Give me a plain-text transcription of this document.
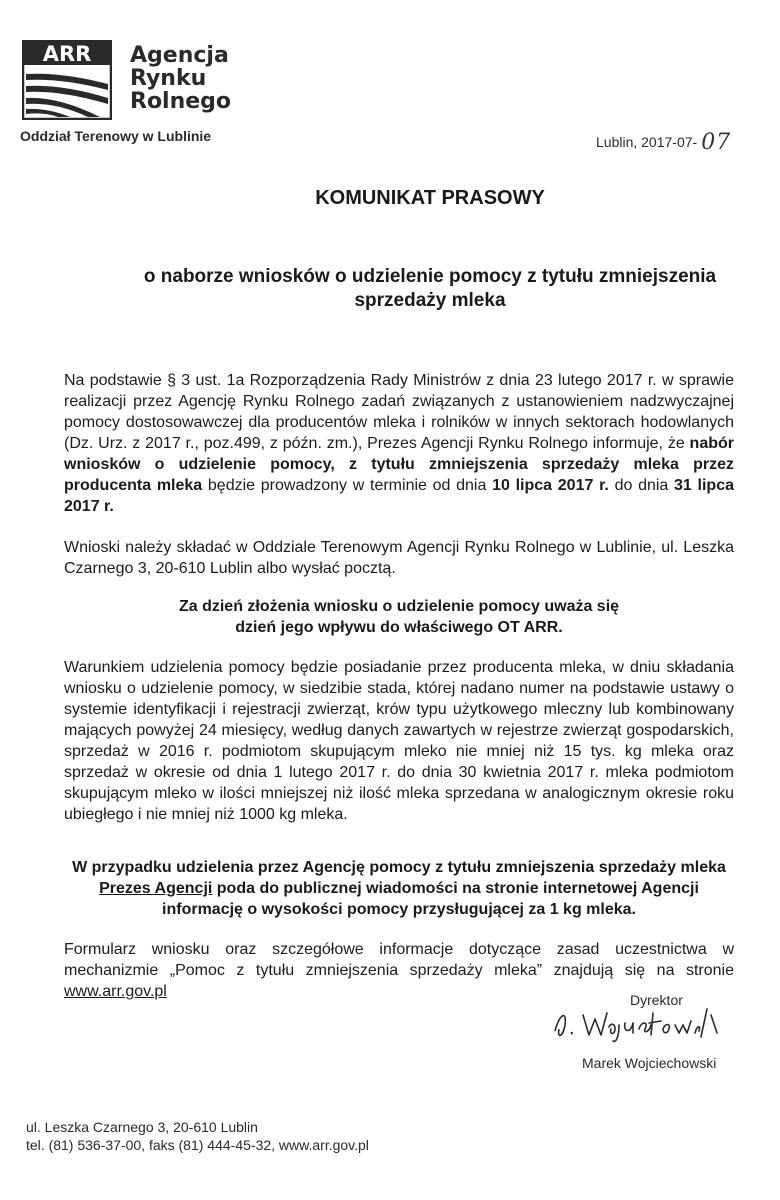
ARR Agencja
Rynku
Rolnego
Oddział Terenowy w Lublinie	Lublin, 2017-07- 07
KOMUNIKAT PRASOWY
o naborze wniosków o udzielenie pomocy z tytułu zmniejszenia sprzedaży mleka
Na podstawie § 3 ust. 1a Rozporządzenia Rady Ministrów z dnia 23 lutego 2017 r. w sprawie realizacji przez Agencję Rynku Rolnego zadań związanych z ustanowieniem nadzwyczajnej pomocy dostosowawczej dla producentów mleka i rolników w innych sektorach hodowlanych (Dz. Urz. z 2017 r., poz.499, z późn. zm.), Prezes Agencji Rynku Rolnego informuje, że nabór wniosków o udzielenie pomocy, z tytułu zmniejszenia sprzedaży mleka przez producenta mleka będzie prowadzony w terminie od dnia 10 lipca 2017 r. do dnia 31 lipca 2017 r.
Wnioski należy składać w Oddziale Terenowym Agencji Rynku Rolnego w Lublinie, ul. Leszka Czarnego 3, 20-610 Lublin albo wysłać pocztą.
Za dzień złożenia wniosku o udzielenie pomocy uważa się
dzień jego wpływu do właściwego OT ARR.
Warunkiem udzielenia pomocy będzie posiadanie przez producenta mleka, w dniu składania wniosku o udzielenie pomocy, w siedzibie stada, której nadano numer na podstawie ustawy o systemie identyfikacji i rejestracji zwierząt, krów typu użytkowego mleczny lub kombinowany mających powyżej 24 miesięcy, według danych zawartych w rejestrze zwierząt gospodarskich, sprzedaż w 2016 r. podmiotom skupującym mleko nie mniej niż 15 tys. kg mleka oraz sprzedaż w okresie od dnia 1 lutego 2017 r. do dnia 30 kwietnia 2017 r. mleka podmiotom skupującym mleko w ilości mniejszej niż ilość mleka sprzedana w analogicznym okresie roku ubiegłego i nie mniej niż 1000 kg mleka.
W przypadku udzielenia przez Agencję pomocy z tytułu zmniejszenia sprzedaży mleka Prezes Agencji poda do publicznej wiadomości na stronie internetowej Agencji informację o wysokości pomocy przysługującej za 1 kg mleka.
Formularz wniosku oraz szczegółowe informacje dotyczące zasad uczestnictwa w mechanizmie „Pomoc z tytułu zmniejszenia sprzedaży mleka” znajdują się na stronie www.arr.gov.pl	Dyrektor
Marek Wojciechowski
ul. Leszka Czarnego 3, 20-610 Lublin
tel. (81) 536-37-00, faks (81) 444-45-32, www.arr.gov.pl
